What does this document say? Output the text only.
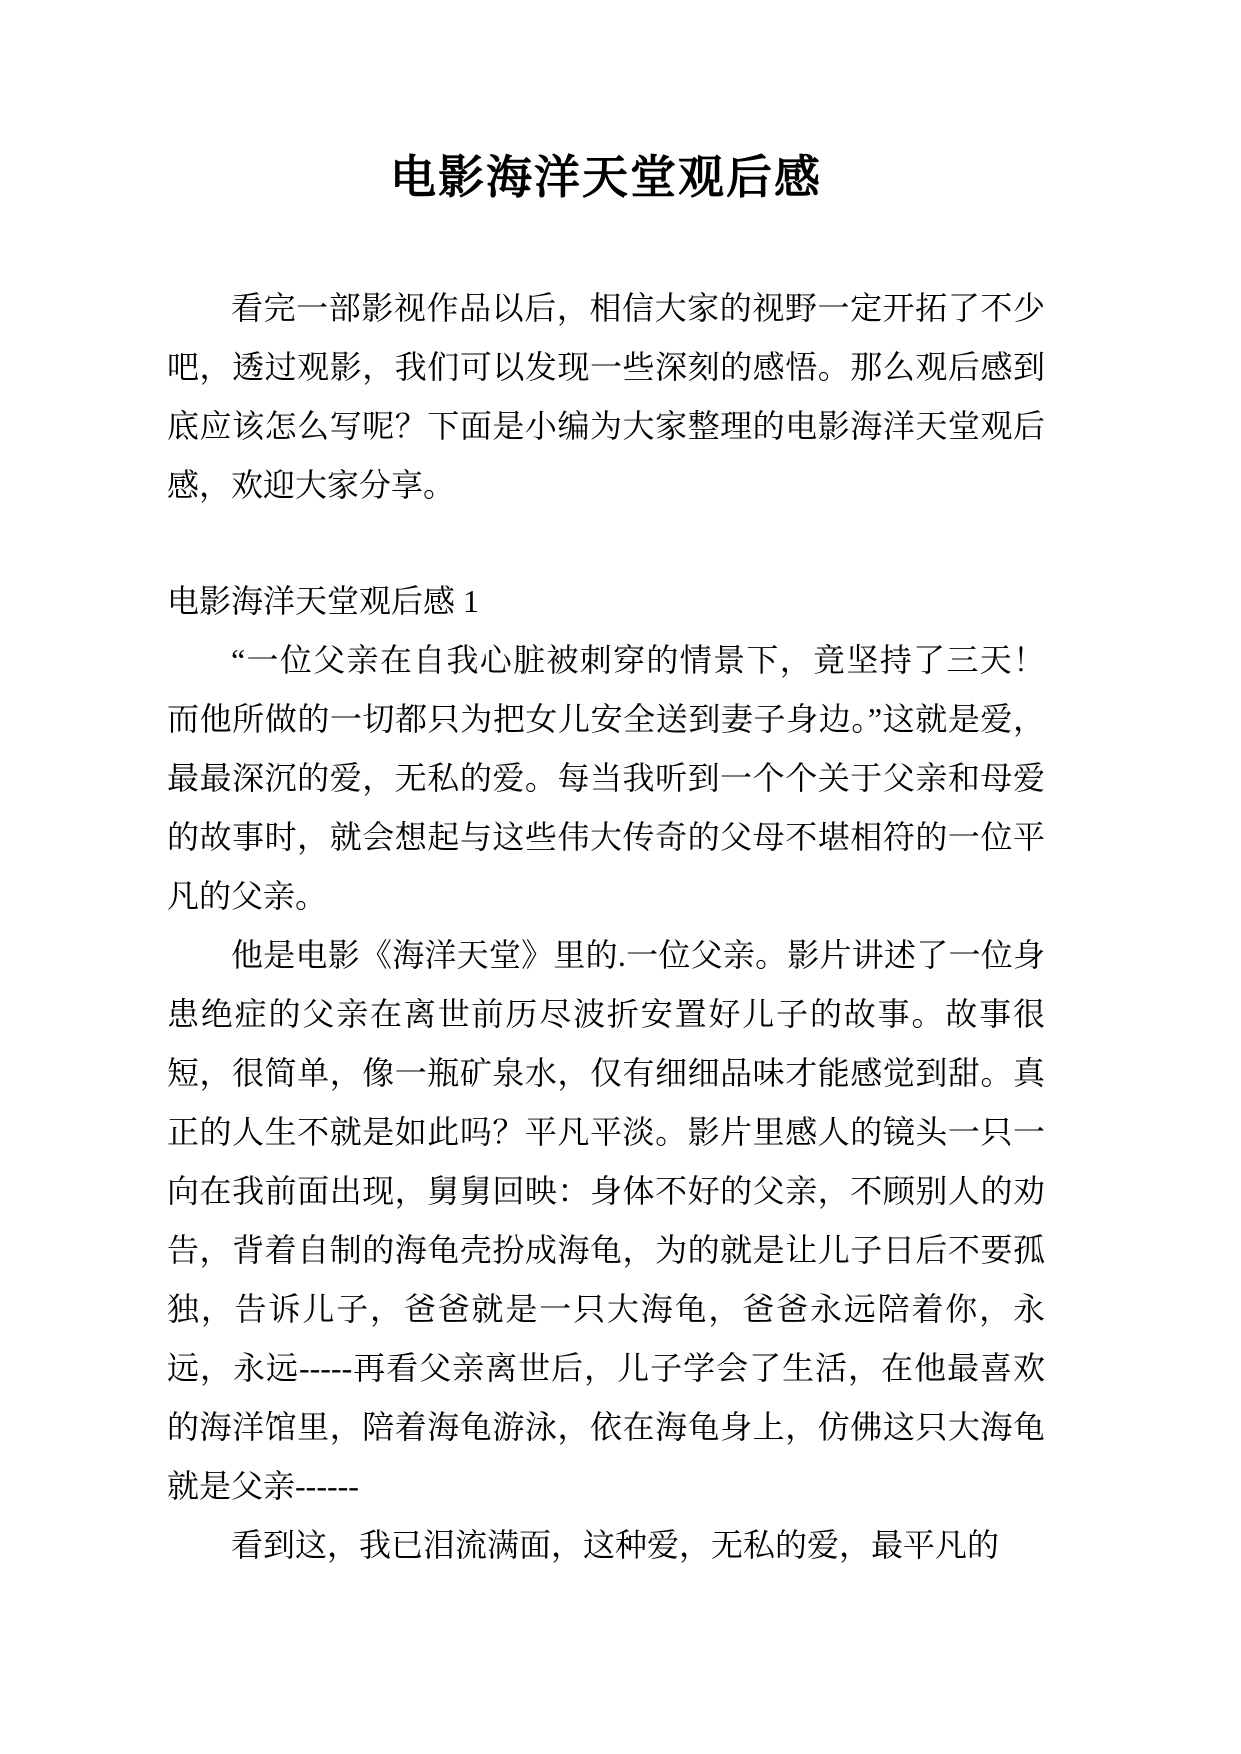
电影海洋天堂观后感

看完一部影视作品以后，相信大家的视野一定开拓了不少吧，透过观影，我们可以发现一些深刻的感悟。那么观后感到底应该怎么写呢？下面是小编为大家整理的电影海洋天堂观后感，欢迎大家分享。

电影海洋天堂观后感 1

“一位父亲在自我心脏被刺穿的情景下，竟坚持了三天！而他所做的一切都只为把女儿安全送到妻子身边。”这就是爱，最最深沉的爱，无私的爱。每当我听到一个个关于父亲和母爱的故事时，就会想起与这些伟大传奇的父母不堪相符的一位平凡的父亲。

他是电影《海洋天堂》里的.一位父亲。影片讲述了一位身患绝症的父亲在离世前历尽波折安置好儿子的故事。故事很短，很简单，像一瓶矿泉水，仅有细细品味才能感觉到甜。真正的人生不就是如此吗？平凡平淡。影片里感人的镜头一只一向在我前面出现，舅舅回映：身体不好的父亲，不顾别人的劝告，背着自制的海龟壳扮成海龟，为的就是让儿子日后不要孤独，告诉儿子，爸爸就是一只大海龟，爸爸永远陪着你，永远，永远-----再看父亲离世后，儿子学会了生活，在他最喜欢的海洋馆里，陪着海龟游泳，依在海龟身上，仿佛这只大海龟就是父亲------

看到这，我已泪流满面，这种爱，无私的爱，最平凡的
